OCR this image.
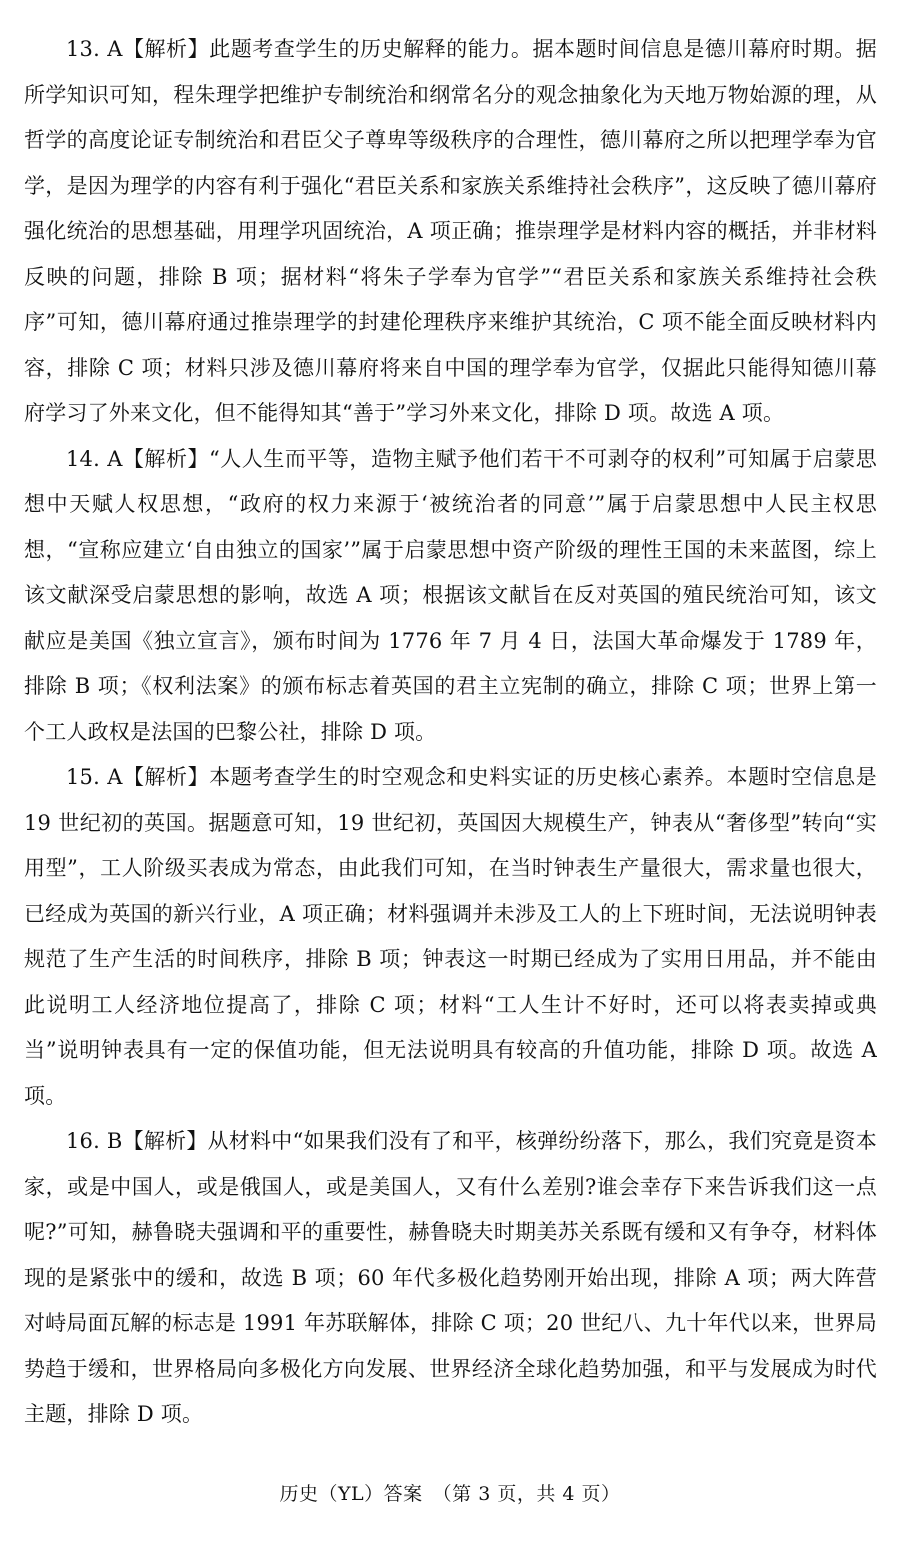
13. A【解析】此题考查学生的历史解释的能力。据本题时间信息是德川幕府时期。据所学知识可知，程朱理学把维护专制统治和纲常名分的观念抽象化为天地万物始源的理，从哲学的高度论证专制统治和君臣父子尊卑等级秩序的合理性，德川幕府之所以把理学奉为官学，是因为理学的内容有利于强化“君臣关系和家族关系维持社会秩序”，这反映了德川幕府强化统治的思想基础，用理学巩固统治，A 项正确；推崇理学是材料内容的概括，并非材料反映的问题，排除 B 项；据材料“将朱子学奉为官学”“君臣关系和家族关系维持社会秩序”可知，德川幕府通过推崇理学的封建伦理秩序来维护其统治，C 项不能全面反映材料内容，排除 C 项；材料只涉及德川幕府将来自中国的理学奉为官学，仅据此只能得知德川幕府学习了外来文化，但不能得知其“善于”学习外来文化，排除 D 项。故选 A 项。

14. A【解析】“人人生而平等，造物主赋予他们若干不可剥夺的权利”可知属于启蒙思想中天赋人权思想，“政府的权力来源于‘被统治者的同意’”属于启蒙思想中人民主权思想，“宣称应建立‘自由独立的国家’”属于启蒙思想中资产阶级的理性王国的未来蓝图，综上该文献深受启蒙思想的影响，故选 A 项；根据该文献旨在反对英国的殖民统治可知，该文献应是美国《独立宣言》，颁布时间为 1776 年 7 月 4 日，法国大革命爆发于 1789 年，排除 B 项；《权利法案》的颁布标志着英国的君主立宪制的确立，排除 C 项；世界上第一个工人政权是法国的巴黎公社，排除 D 项。

15. A【解析】本题考查学生的时空观念和史料实证的历史核心素养。本题时空信息是 19 世纪初的英国。据题意可知，19 世纪初，英国因大规模生产，钟表从“奢侈型”转向“实用型”，工人阶级买表成为常态，由此我们可知，在当时钟表生产量很大，需求量也很大，已经成为英国的新兴行业，A 项正确；材料强调并未涉及工人的上下班时间，无法说明钟表规范了生产生活的时间秩序，排除 B 项；钟表这一时期已经成为了实用日用品，并不能由此说明工人经济地位提高了，排除 C 项；材料“工人生计不好时，还可以将表卖掉或典当”说明钟表具有一定的保值功能，但无法说明具有较高的升值功能，排除 D 项。故选 A 项。

16. B【解析】从材料中“如果我们没有了和平，核弹纷纷落下，那么，我们究竟是资本家，或是中国人，或是俄国人，或是美国人，又有什么差别?谁会幸存下来告诉我们这一点呢?”可知，赫鲁晓夫强调和平的重要性，赫鲁晓夫时期美苏关系既有缓和又有争夺，材料体现的是紧张中的缓和，故选 B 项；60 年代多极化趋势刚开始出现，排除 A 项；两大阵营对峙局面瓦解的标志是 1991 年苏联解体，排除 C 项；20 世纪八、九十年代以来，世界局势趋于缓和，世界格局向多极化方向发展、世界经济全球化趋势加强，和平与发展成为时代主题，排除 D 项。

历史（YL）答案　（第 3 页，共 4 页）
